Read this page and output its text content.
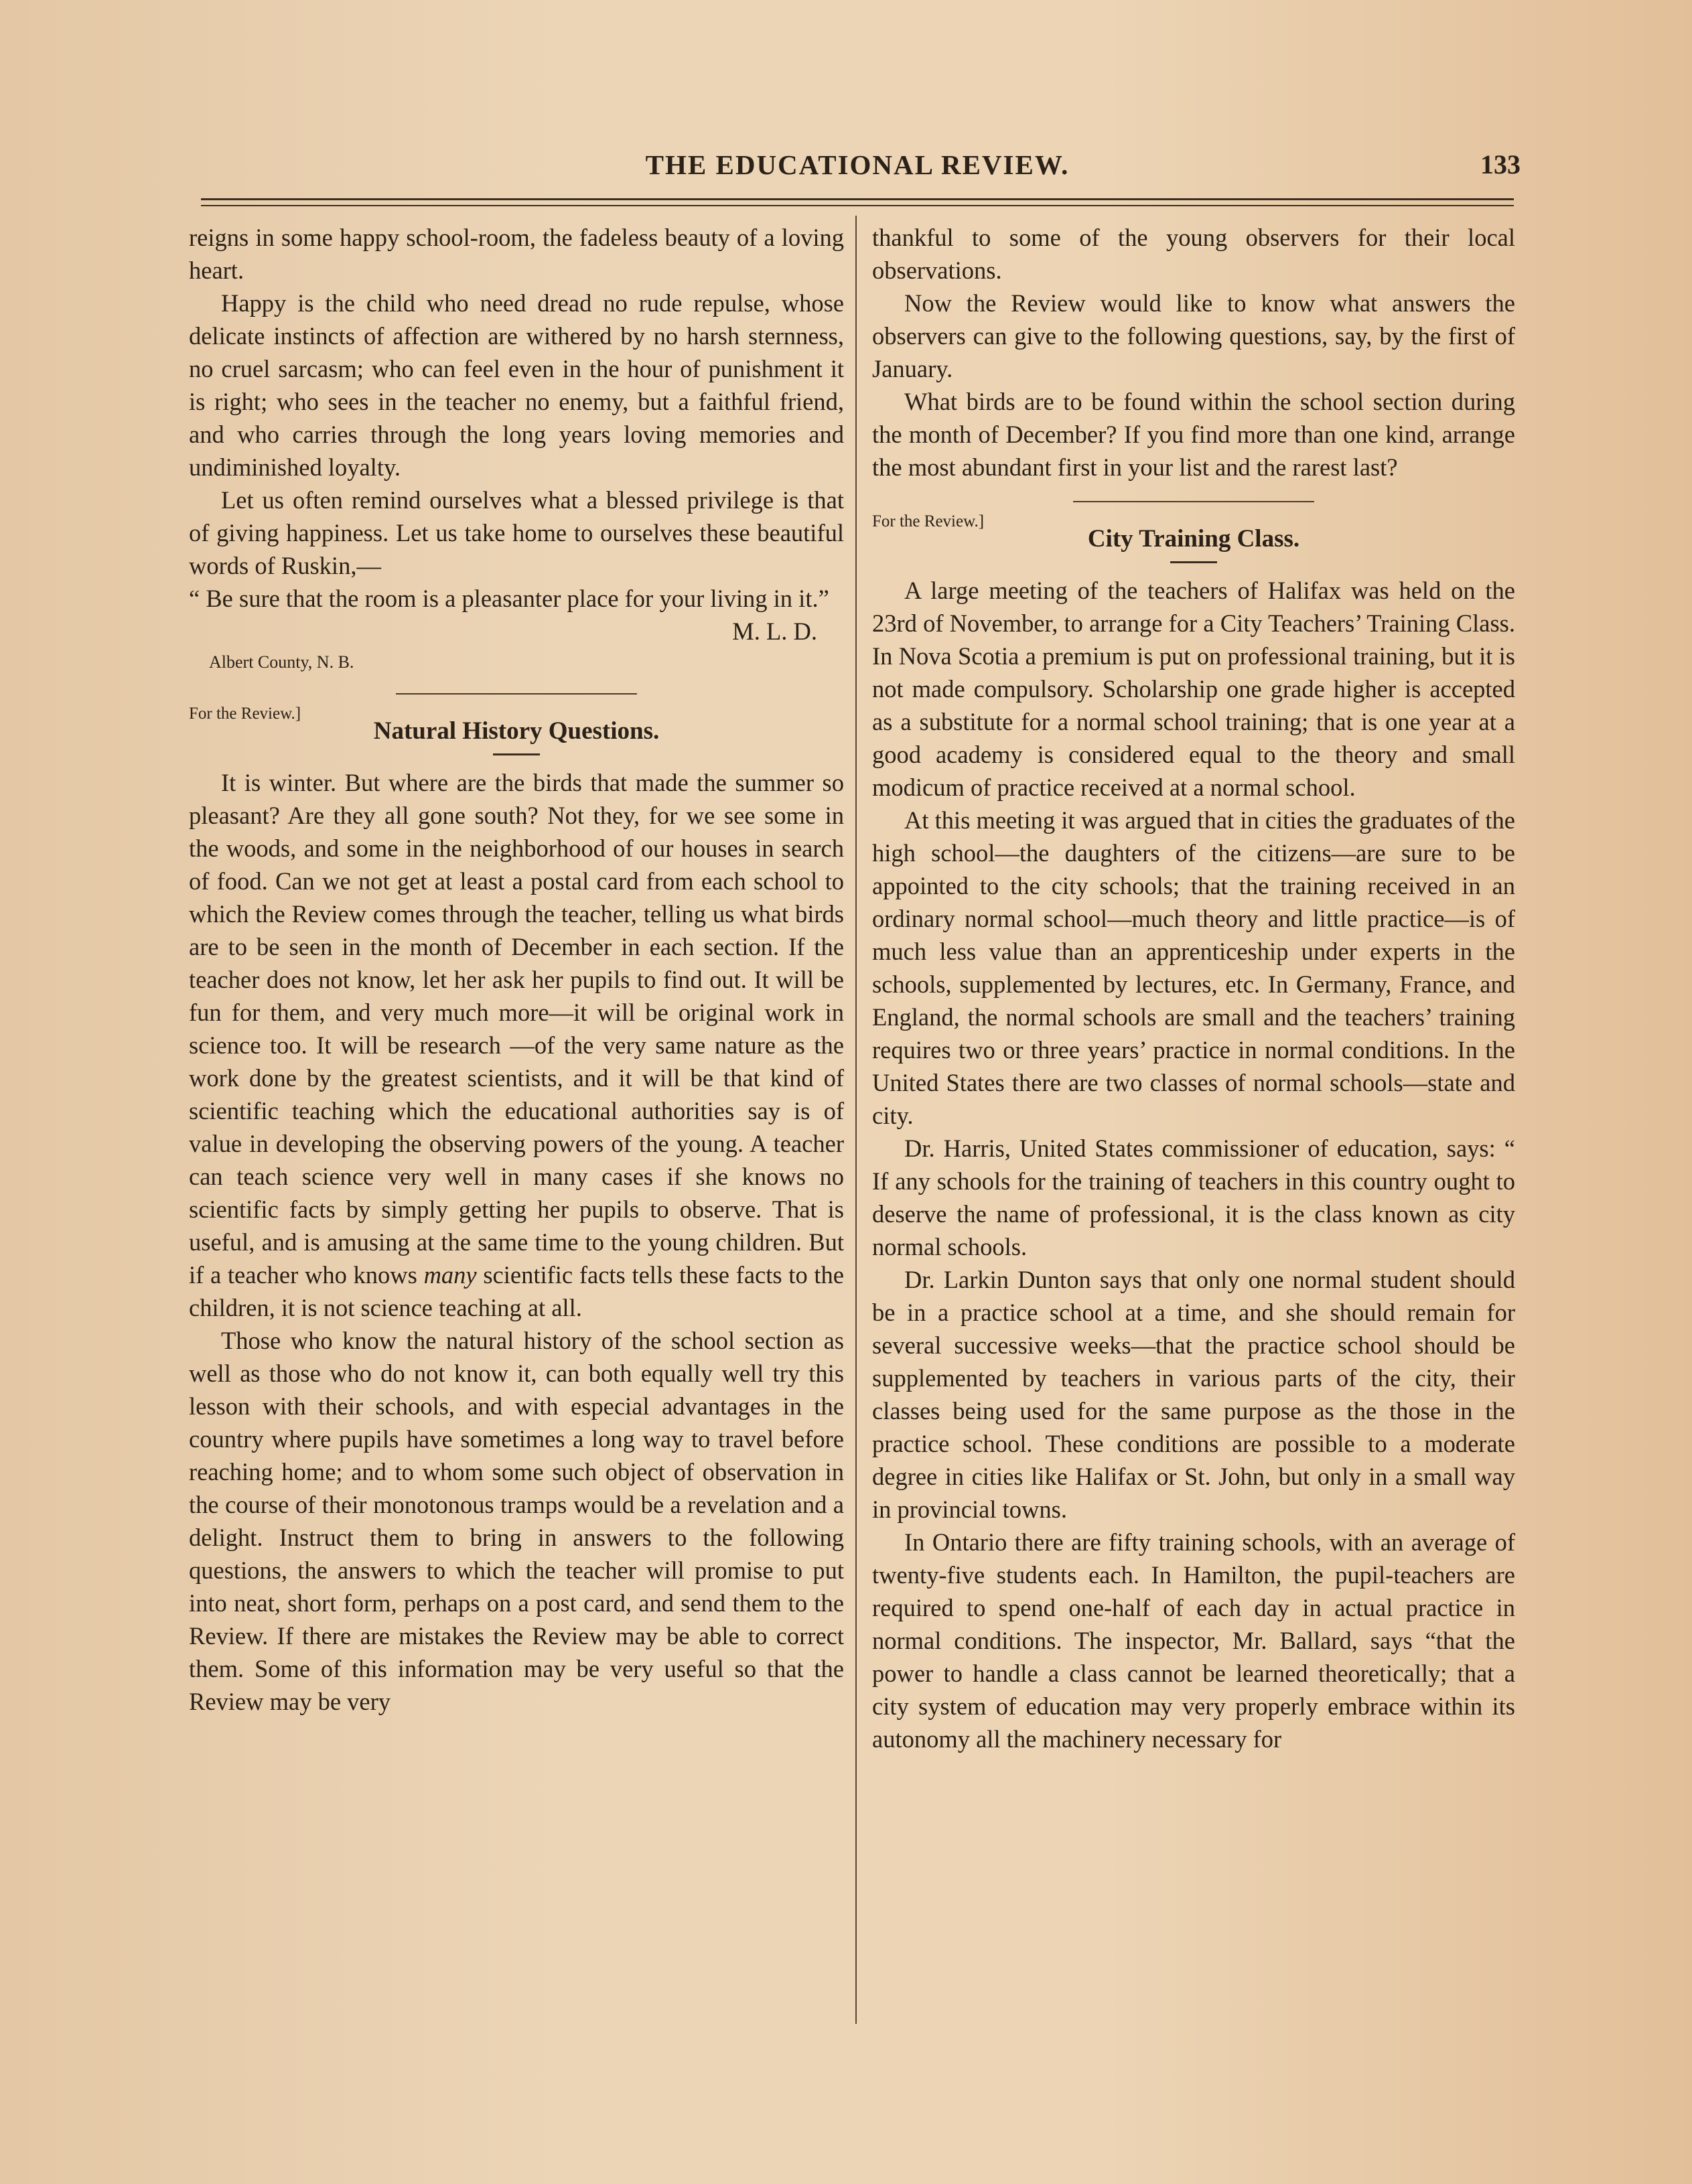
THE EDUCATIONAL REVIEW.	133

reigns in some happy school-room, the fadeless beauty of a loving heart.

Happy is the child who need dread no rude repulse, whose delicate instincts of affection are withered by no harsh sternness, no cruel sarcasm; who can feel even in the hour of punishment it is right; who sees in the teacher no enemy, but a faithful friend, and who carries through the long years loving memories and undiminished loyalty.

Let us often remind ourselves what a blessed privilege is that of giving happiness. Let us take home to ourselves these beautiful words of Ruskin,—

“ Be sure that the room is a pleasanter place for your living in it.”

M. L. D.

Albert County, N. B.

For the Review.]

Natural History Questions.

It is winter. But where are the birds that made the summer so pleasant? Are they all gone south? Not they, for we see some in the woods, and some in the neighborhood of our houses in search of food. Can we not get at least a postal card from each school to which the Review comes through the teacher, telling us what birds are to be seen in the month of December in each section. If the teacher does not know, let her ask her pupils to find out. It will be fun for them, and very much more—it will be original work in science too. It will be research —of the very same nature as the work done by the greatest scientists, and it will be that kind of scientific teaching which the educational authorities say is of value in developing the observing powers of the young. A teacher can teach science very well in many cases if she knows no scientific facts by simply getting her pupils to observe. That is useful, and is amusing at the same time to the young children. But if a teacher who knows many scientific facts tells these facts to the children, it is not science teaching at all.

Those who know the natural history of the school section as well as those who do not know it, can both equally well try this lesson with their schools, and with especial advantages in the country where pupils have sometimes a long way to travel before reaching home; and to whom some such object of observation in the course of their monotonous tramps would be a revelation and a delight. Instruct them to bring in answers to the following questions, the answers to which the teacher will promise to put into neat, short form, perhaps on a post card, and send them to the Review. If there are mistakes the Review may be able to correct them. Some of this information may be very useful so that the Review may be very

thankful to some of the young observers for their local observations.

Now the Review would like to know what answers the observers can give to the following questions, say, by the first of January.

What birds are to be found within the school section during the month of December? If you find more than one kind, arrange the most abundant first in your list and the rarest last?

For the Review.]

City Training Class.

A large meeting of the teachers of Halifax was held on the 23rd of November, to arrange for a City Teachers’ Training Class. In Nova Scotia a premium is put on professional training, but it is not made compulsory. Scholarship one grade higher is accepted as a substitute for a normal school training; that is one year at a good academy is considered equal to the theory and small modicum of practice received at a normal school.

At this meeting it was argued that in cities the graduates of the high school—the daughters of the citizens—are sure to be appointed to the city schools; that the training received in an ordinary normal school—much theory and little practice—is of much less value than an apprenticeship under experts in the schools, supplemented by lectures, etc. In Germany, France, and England, the normal schools are small and the teachers’ training requires two or three years’ practice in normal conditions. In the United States there are two classes of normal schools—state and city.

Dr. Harris, United States commissioner of education, says: “ If any schools for the training of teachers in this country ought to deserve the name of professional, it is the class known as city normal schools.

Dr. Larkin Dunton says that only one normal student should be in a practice school at a time, and she should remain for several successive weeks—that the practice school should be supplemented by teachers in various parts of the city, their classes being used for the same purpose as the those in the practice school. These conditions are possible to a moderate degree in cities like Halifax or St. John, but only in a small way in provincial towns.

In Ontario there are fifty training schools, with an average of twenty-five students each. In Hamilton, the pupil-teachers are required to spend one-half of each day in actual practice in normal conditions. The inspector, Mr. Ballard, says “that the power to handle a class cannot be learned theoretically; that a city system of education may very properly embrace within its autonomy all the machinery necessary for
